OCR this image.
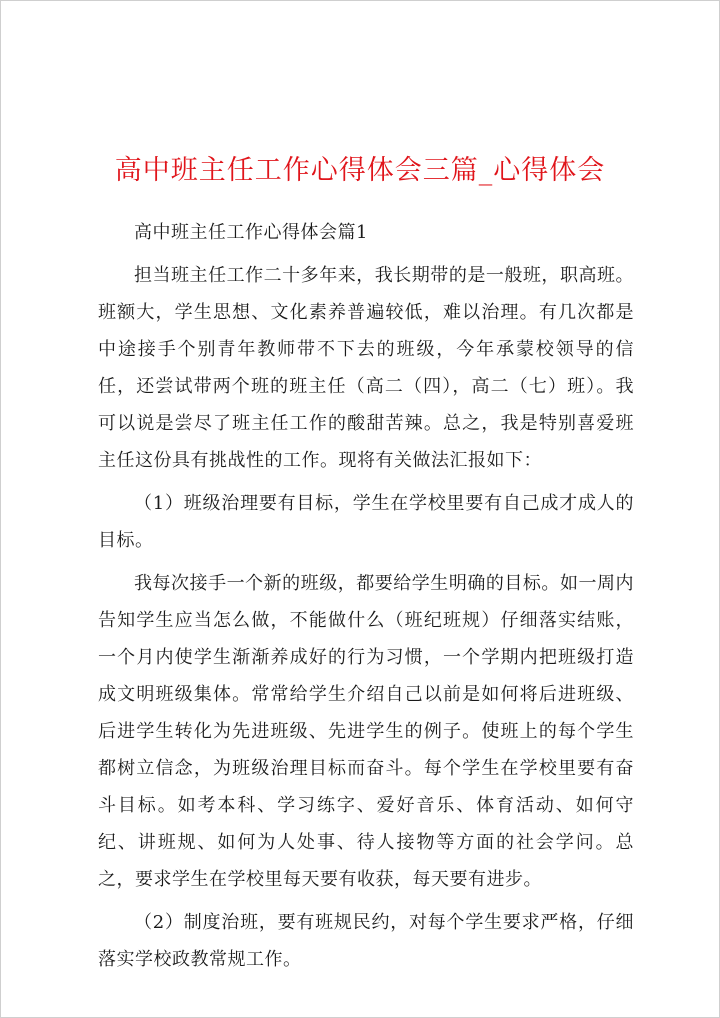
高中班主任工作心得体会三篇_心得体会

高中班主任工作心得体会篇1

担当班主任工作二十多年来，我长期带的是一般班，职高班。班额大，学生思想、文化素养普遍较低，难以治理。有几次都是中途接手个别青年教师带不下去的班级，今年承蒙校领导的信任，还尝试带两个班的班主任（高二（四），高二（七）班）。我可以说是尝尽了班主任工作的酸甜苦辣。总之，我是特别喜爱班主任这份具有挑战性的工作。现将有关做法汇报如下：

（1）班级治理要有目标，学生在学校里要有自己成才成人的目标。

我每次接手一个新的班级，都要给学生明确的目标。如一周内告知学生应当怎么做，不能做什么（班纪班规）仔细落实结账，一个月内使学生渐渐养成好的行为习惯，一个学期内把班级打造成文明班级集体。常常给学生介绍自己以前是如何将后进班级、后进学生转化为先进班级、先进学生的例子。使班上的每个学生都树立信念，为班级治理目标而奋斗。每个学生在学校里要有奋斗目标。如考本科、学习练字、爱好音乐、体育活动、如何守纪、讲班规、如何为人处事、待人接物等方面的社会学问。总之，要求学生在学校里每天要有收获，每天要有进步。

（2）制度治班，要有班规民约，对每个学生要求严格，仔细落实学校政教常规工作。
